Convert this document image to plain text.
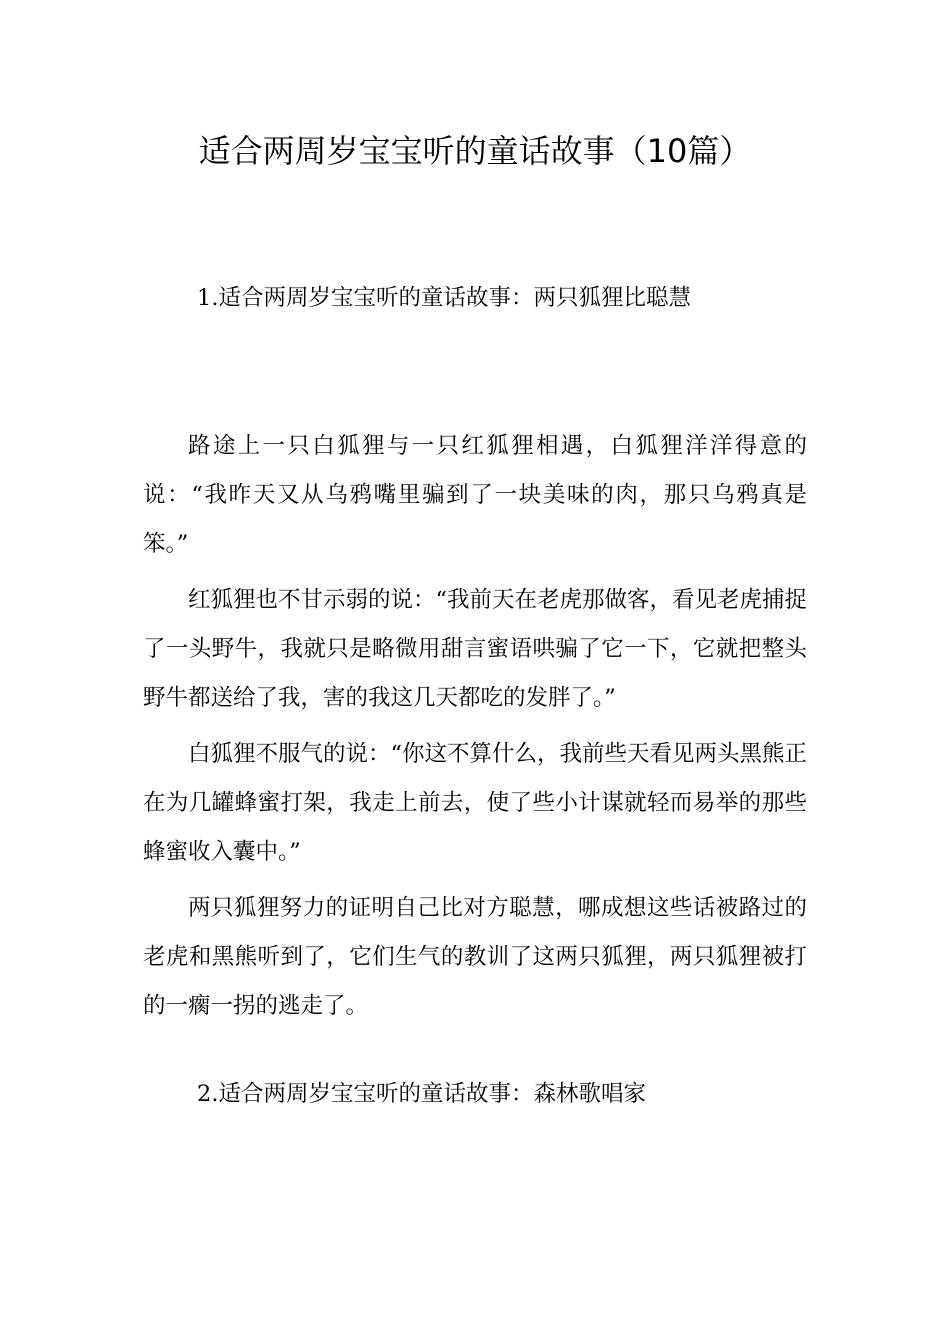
适合两周岁宝宝听的童话故事（10篇）
1.适合两周岁宝宝听的童话故事：两只狐狸比聪慧

路途上一只白狐狸与一只红狐狸相遇，白狐狸洋洋得意的说：“我昨天又从乌鸦嘴里骗到了一块美味的肉，那只乌鸦真是笨。”

红狐狸也不甘示弱的说：“我前天在老虎那做客，看见老虎捕捉了一头野牛，我就只是略微用甜言蜜语哄骗了它一下，它就把整头野牛都送给了我，害的我这几天都吃的发胖了。”

白狐狸不服气的说：“你这不算什么，我前些天看见两头黑熊正在为几罐蜂蜜打架，我走上前去，使了些小计谋就轻而易举的那些蜂蜜收入囊中。”

两只狐狸努力的证明自己比对方聪慧，哪成想这些话被路过的老虎和黑熊听到了，它们生气的教训了这两只狐狸，两只狐狸被打的一瘸一拐的逃走了。

2.适合两周岁宝宝听的童话故事：森林歌唱家
